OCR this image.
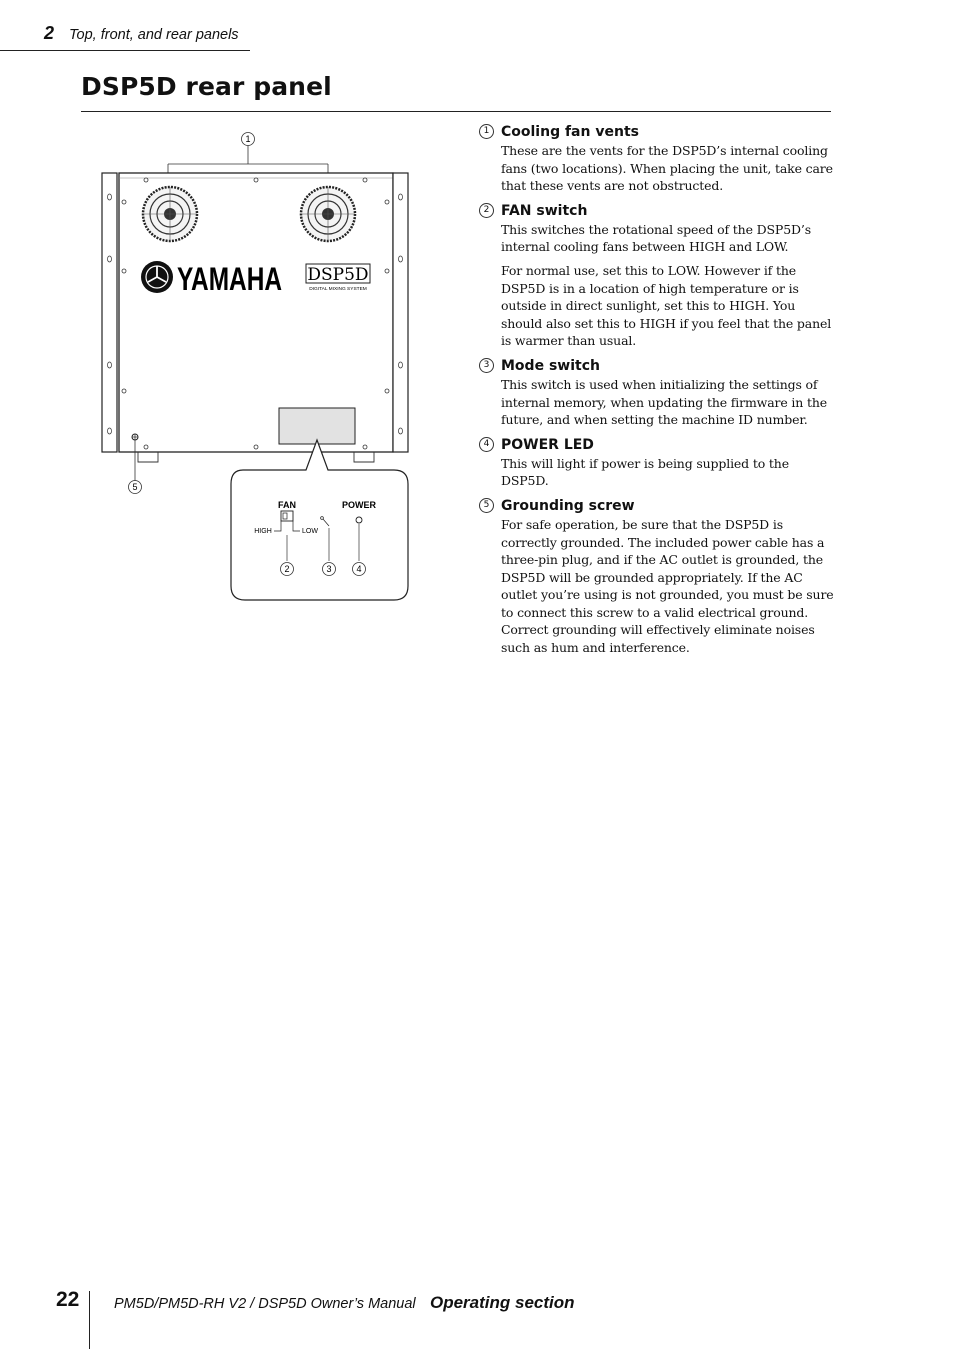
2 Top, front, and rear panels
DSP5D rear panel
1
YAMAHA DSP5D
DIGITAL MIXING SYSTEM
5
FAN	POWER
HIGH	LOW
2	3	4
1 Cooling fan vents

These are the vents for the DSP5D’s internal cooling fans (two locations). When placing the unit, take care that these vents are not obstructed.

2 FAN switch

This switches the rotational speed of the DSP5D’s internal cooling fans between HIGH and LOW.

For normal use, set this to LOW. However if the DSP5D is in a location of high temperature or is outside in direct sunlight, set this to HIGH. You should also set this to HIGH if you feel that the panel is warmer than usual.

3 Mode switch

This switch is used when initializing the settings of internal memory, when updating the firmware in the future, and when setting the machine ID number.

4 POWER LED

This will light if power is being supplied to the DSP5D.

5 Grounding screw

For safe operation, be sure that the DSP5D is correctly grounded. The included power cable has a three-pin plug, and if the AC outlet is grounded, the DSP5D will be grounded appropriately. If the AC outlet you’re using is not grounded, you must be sure to connect this screw to a valid electrical ground. Correct grounding will effectively eliminate noises such as hum and interference.

22 PM5D/PM5D-RH V2 / DSP5D Owner’s Manual Operating section
